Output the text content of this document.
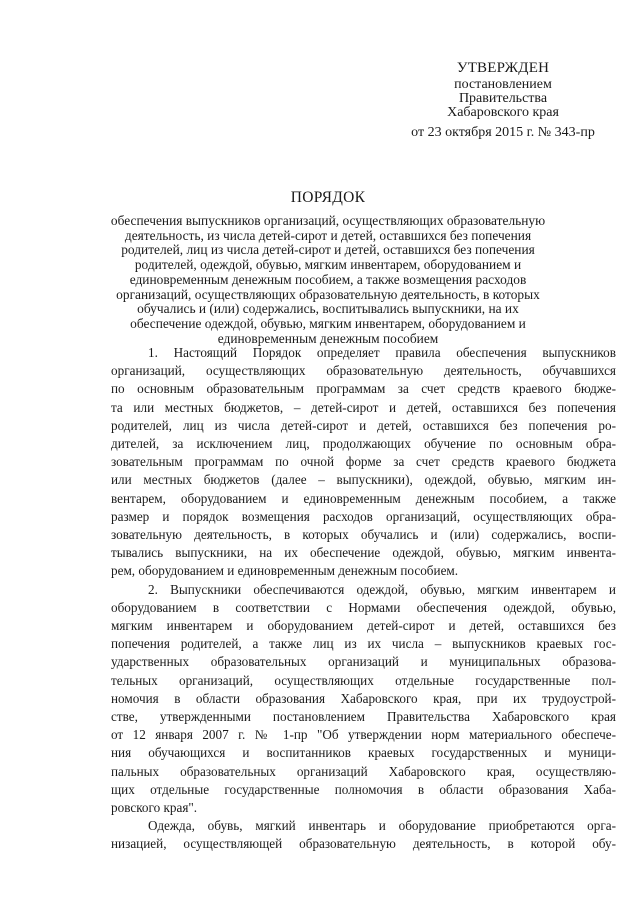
УТВЕРЖДЕН
постановлением
Правительства
Хабаровского края
от 23 октября 2015 г. № 343-пр
ПОРЯДОК
обеспечения выпускников организаций, осуществляющих образовательную
деятельность, из числа детей-сирот и детей, оставшихся без попечения
родителей, лиц из числа детей-сирот и детей, оставшихся без попечения
родителей, одеждой, обувью, мягким инвентарем, оборудованием и
единовременным денежным пособием, а также возмещения расходов
организаций, осуществляющих образовательную деятельность, в которых
обучались и (или) содержались, воспитывались выпускники, на их
обеспечение одеждой, обувью, мягким инвентарем, оборудованием и
единовременным денежным пособием

1. Настоящий Порядок определяет правила обеспечения выпускников
организаций, осуществляющих образовательную деятельность, обучавшихся
по основным образовательным программам за счет средств краевого бюдже-
та или местных бюджетов, – детей-сирот и детей, оставшихся без попечения
родителей, лиц из числа детей-сирот и детей, оставшихся без попечения ро-
дителей, за исключением лиц, продолжающих обучение по основным обра-
зовательным программам по очной форме за счет средств краевого бюджета
или местных бюджетов (далее – выпускники), одеждой, обувью, мягким ин-
вентарем, оборудованием и единовременным денежным пособием, а также
размер и порядок возмещения расходов организаций, осуществляющих обра-
зовательную деятельность, в которых обучались и (или) содержались, воспи-
тывались выпускники, на их обеспечение одеждой, обувью, мягким инвента-
рем, оборудованием и единовременным денежным пособием.

2. Выпускники обеспечиваются одеждой, обувью, мягким инвентарем и
оборудованием в соответствии с Нормами обеспечения одеждой, обувью,
мягким инвентарем и оборудованием детей-сирот и детей, оставшихся без
попечения родителей, а также лиц из их числа – выпускников краевых гос-
ударственных образовательных организаций и муниципальных образова-
тельных организаций, осуществляющих отдельные государственные пол-
номочия в области образования Хабаровского края, при их трудоустрой-
стве, утвержденными постановлением Правительства Хабаровского края
от 12 января 2007 г. № 1-пр "Об утверждении норм материального обеспече-
ния обучающихся и воспитанников краевых государственных и муници-
пальных образовательных организаций Хабаровского края, осуществляю-
щих отдельные государственные полномочия в области образования Хаба-
ровского края".

Одежда, обувь, мягкий инвентарь и оборудование приобретаются орга-
низацией, осуществляющей образовательную деятельность, в которой обу-
